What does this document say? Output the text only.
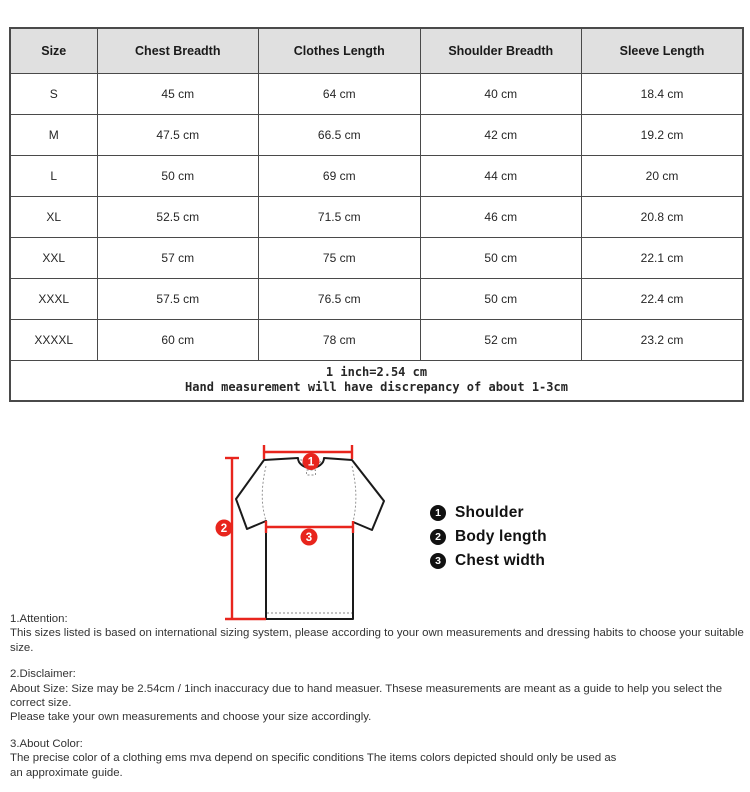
Size	Chest Breadth	Clothes Length	Shoulder Breadth	Sleeve Length
S	45 cm	64 cm	40 cm	18.4 cm
M	47.5 cm	66.5 cm	42 cm	19.2 cm
L	50 cm	69 cm	44 cm	20 cm
XL	52.5 cm	71.5 cm	46 cm	20.8 cm
XXL	57 cm	75 cm	50 cm	22.1 cm
XXXL	57.5 cm	76.5 cm	50 cm	22.4 cm
XXXXL	60 cm	78 cm	52 cm	23.2 cm

1 inch=2.54 cm

Hand measurement will have discrepancy of about 1-3cm				

1
2
3
1 Shoulder
2 Body length
3 Chest width

1.Attention:

This sizes listed is based on international sizing system, please according to your own measurements and dressing habits to choose your suitable size.

2.Disclaimer:

About Size: Size may be 2.54cm / 1inch inaccuracy due to hand measuer. Thsese measurements are meant as a guide to help you select the correct size.

Please take your own measurements and choose your size accordingly.

3.About Color:

The precise color of a clothing ems mva depend on specific conditions The items colors depicted should only be used as

an approximate guide.
